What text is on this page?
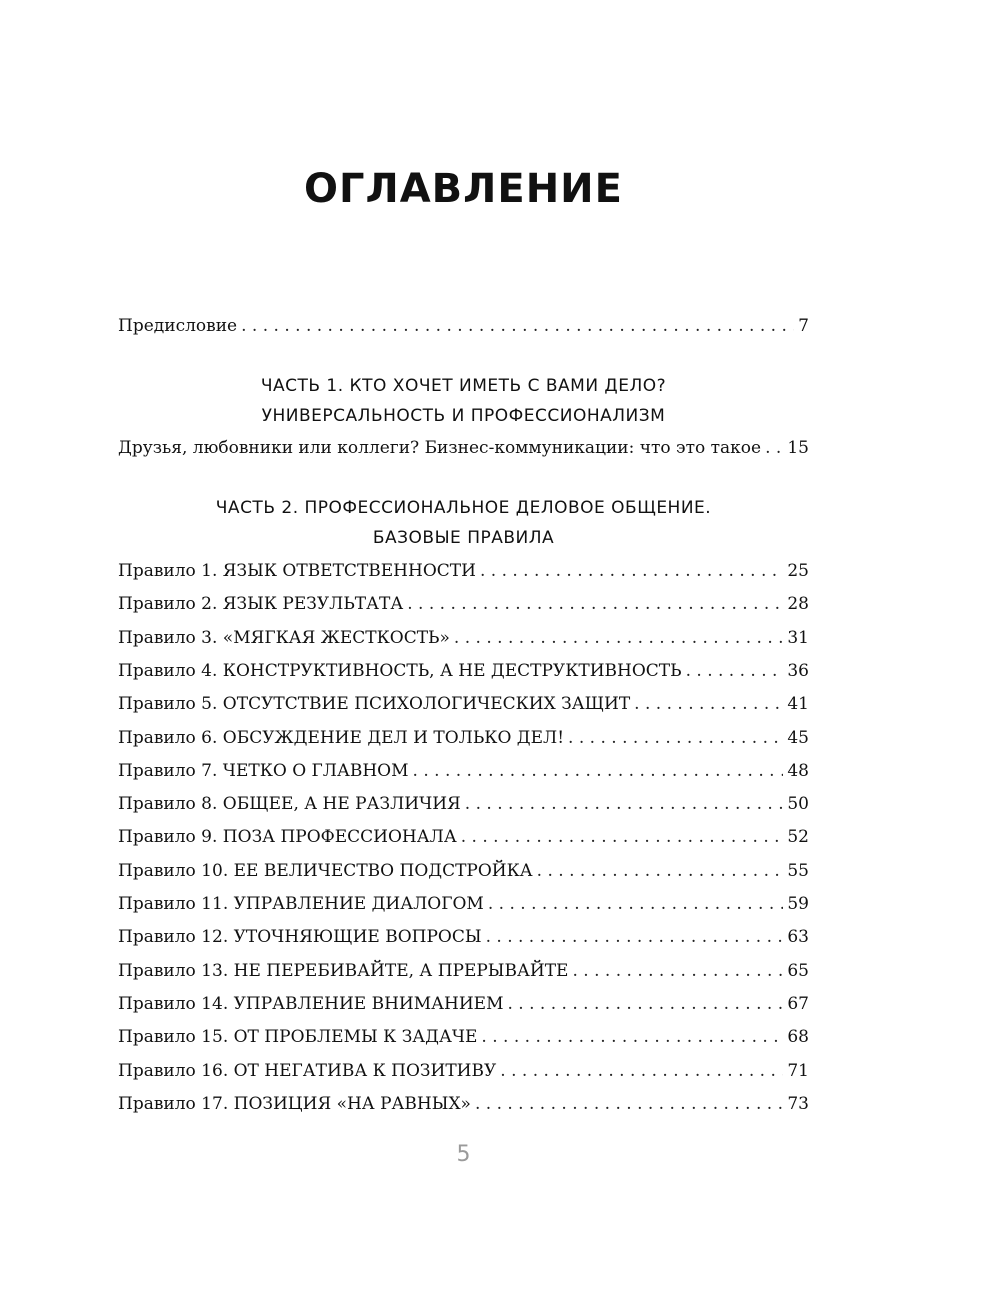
ОГЛАВЛЕНИЕ
Предисловие . . .	7
ЧАСТЬ 1. КТО ХОЧЕТ ИМЕТЬ С ВАМИ ДЕЛО?
УНИВЕРСАЛЬНОСТЬ И ПРОФЕССИОНАЛИЗМ
Друзья, любовники или коллеги? Бизнес-коммуникации: что это такое . . . 15
ЧАСТЬ 2. ПРОФЕССИОНАЛЬНОЕ ДЕЛОВОЕ ОБЩЕНИЕ.
БАЗОВЫЕ ПРАВИЛА
Правило 1. ЯЗЫК ОТВЕТСТВЕННОСТИ . . .	25
Правило 2. ЯЗЫК РЕЗУЛЬТАТА . . .	28
Правило 3. «МЯГКАЯ ЖЕСТКОСТЬ» . . .	31
Правило 4. КОНСТРУКТИВНОСТЬ, А НЕ ДЕСТРУКТИВНОСТЬ . . .	36
Правило 5. ОТСУТСТВИЕ ПСИХОЛОГИЧЕСКИХ ЗАЩИТ . . .	41
Правило 6. ОБСУЖДЕНИЕ ДЕЛ И ТОЛЬКО ДЕЛ! . . .	45
Правило 7. ЧЕТКО О ГЛАВНОМ . . .	48
Правило 8. ОБЩЕЕ, А НЕ РАЗЛИЧИЯ . . .	50
Правило 9. ПОЗА ПРОФЕССИОНАЛА . . .	52
Правило 10. ЕЕ ВЕЛИЧЕСТВО ПОДСТРОЙКА . . .	55
Правило 11. УПРАВЛЕНИЕ ДИАЛОГОМ . . .	59
Правило 12. УТОЧНЯЮЩИЕ ВОПРОСЫ . . .	63
Правило 13. НЕ ПЕРЕБИВАЙТЕ, А ПРЕРЫВАЙТЕ . . .	65
Правило 14. УПРАВЛЕНИЕ ВНИМАНИЕМ . . .	67
Правило 15. ОТ ПРОБЛЕМЫ К ЗАДАЧЕ . . .	68
Правило 16. ОТ НЕГАТИВА К ПОЗИТИВУ . . .	71
Правило 17. ПОЗИЦИЯ «НА РАВНЫХ» . . .	73
5
